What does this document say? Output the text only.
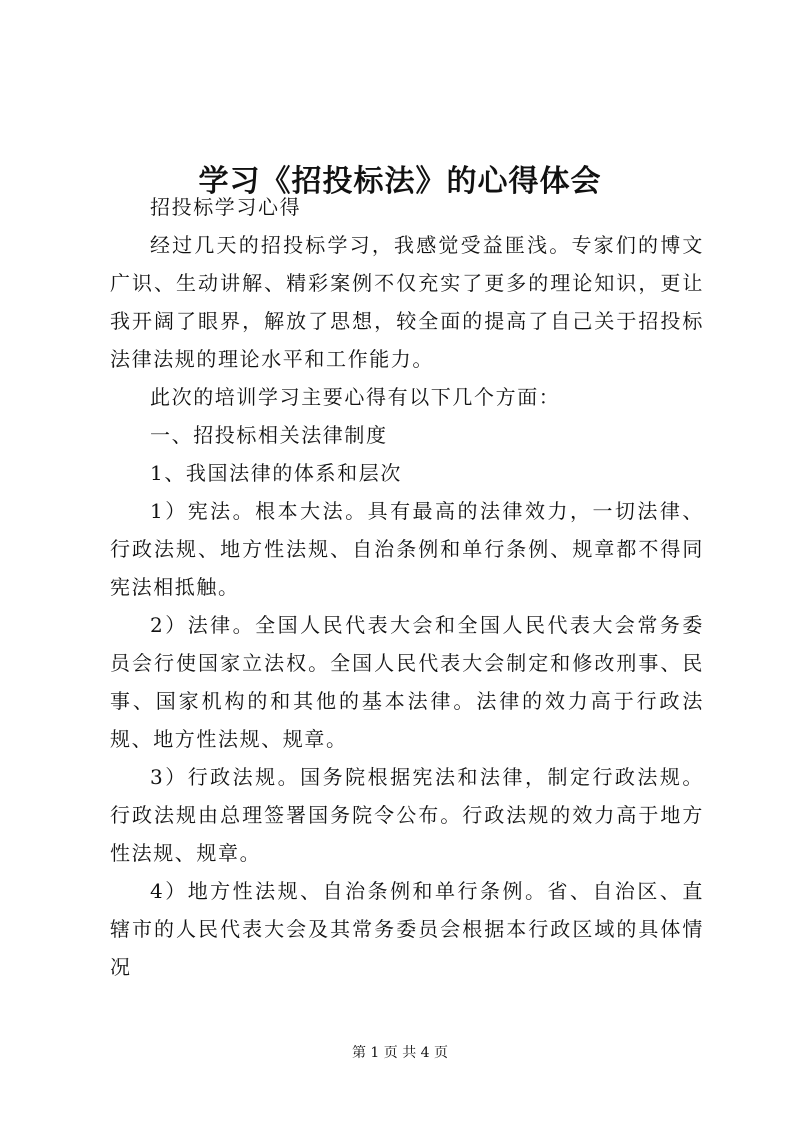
学习《招投标法》的心得体会

招投标学习心得

经过几天的招投标学习，我感觉受益匪浅。专家们的博文广识、生动讲解、精彩案例不仅充实了更多的理论知识，更让我开阔了眼界，解放了思想，较全面的提高了自己关于招投标法律法规的理论水平和工作能力。

此次的培训学习主要心得有以下几个方面：

一、招投标相关法律制度

1、我国法律的体系和层次

1）宪法。根本大法。具有最高的法律效力，一切法律、行政法规、地方性法规、自治条例和单行条例、规章都不得同宪法相抵触。

2）法律。全国人民代表大会和全国人民代表大会常务委员会行使国家立法权。全国人民代表大会制定和修改刑事、民事、国家机构的和其他的基本法律。法律的效力高于行政法规、地方性法规、规章。

3）行政法规。国务院根据宪法和法律，制定行政法规。行政法规由总理签署国务院令公布。行政法规的效力高于地方性法规、规章。

4）地方性法规、自治条例和单行条例。省、自治区、直辖市的人民代表大会及其常务委员会根据本行政区域的具体情况

第 1 页 共 4 页
